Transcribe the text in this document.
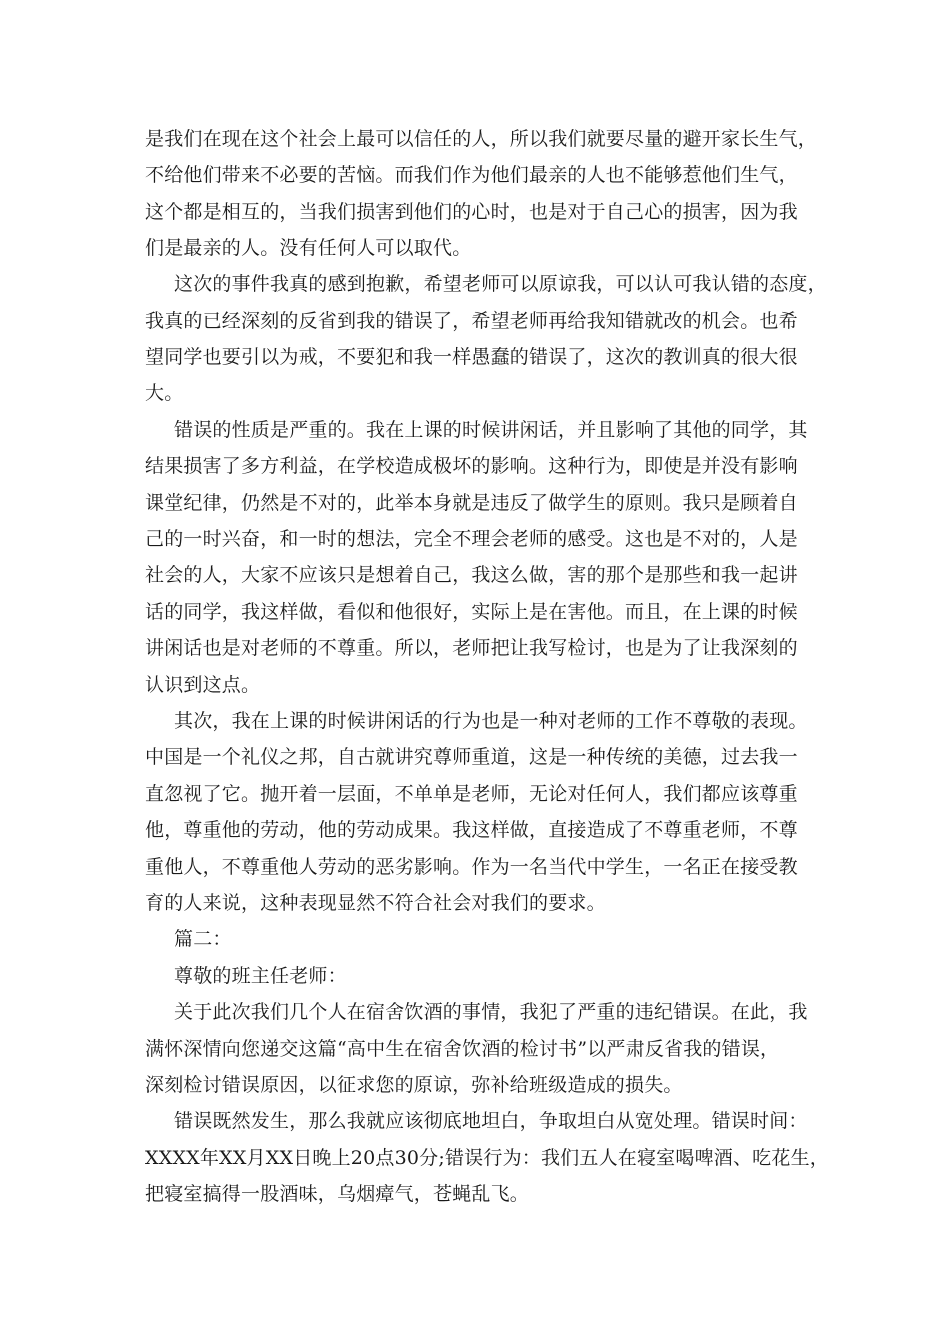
是我们在现在这个社会上最可以信任的人，所以我们就要尽量的避开家长生气，
不给他们带来不必要的苦恼。而我们作为他们最亲的人也不能够惹他们生气，
这个都是相互的，当我们损害到他们的心时，也是对于自己心的损害，因为我
们是最亲的人。没有任何人可以取代。
这次的事件我真的感到抱歉，希望老师可以原谅我，可以认可我认错的态度，
我真的已经深刻的反省到我的错误了，希望老师再给我知错就改的机会。也希
望同学也要引以为戒，不要犯和我一样愚蠢的错误了，这次的教训真的很大很
大。
错误的性质是严重的。我在上课的时候讲闲话，并且影响了其他的同学，其
结果损害了多方利益，在学校造成极坏的影响。这种行为，即使是并没有影响
课堂纪律，仍然是不对的，此举本身就是违反了做学生的原则。我只是顾着自
己的一时兴奋，和一时的想法，完全不理会老师的感受。这也是不对的，人是
社会的人，大家不应该只是想着自己，我这么做，害的那个是那些和我一起讲
话的同学，我这样做，看似和他很好，实际上是在害他。而且，在上课的时候
讲闲话也是对老师的不尊重。所以，老师把让我写检讨，也是为了让我深刻的
认识到这点。
其次，我在上课的时候讲闲话的行为也是一种对老师的工作不尊敬的表现。
中国是一个礼仪之邦，自古就讲究尊师重道，这是一种传统的美德，过去我一
直忽视了它。抛开着一层面，不单单是老师，无论对任何人，我们都应该尊重
他，尊重他的劳动，他的劳动成果。我这样做，直接造成了不尊重老师，不尊
重他人，不尊重他人劳动的恶劣影响。作为一名当代中学生，一名正在接受教
育的人来说，这种表现显然不符合社会对我们的要求。
篇二：
尊敬的班主任老师：
关于此次我们几个人在宿舍饮酒的事情，我犯了严重的违纪错误。在此，我
满怀深情向您递交这篇“高中生在宿舍饮酒的检讨书”以严肃反省我的错误，
深刻检讨错误原因，以征求您的原谅，弥补给班级造成的损失。
错误既然发生，那么我就应该彻底地坦白，争取坦白从宽处理。错误时间：
XXXX年XX月XX日晚上20点30分;错误行为：我们五人在寝室喝啤酒、吃花生，
把寝室搞得一股酒味，乌烟瘴气，苍蝇乱飞。
